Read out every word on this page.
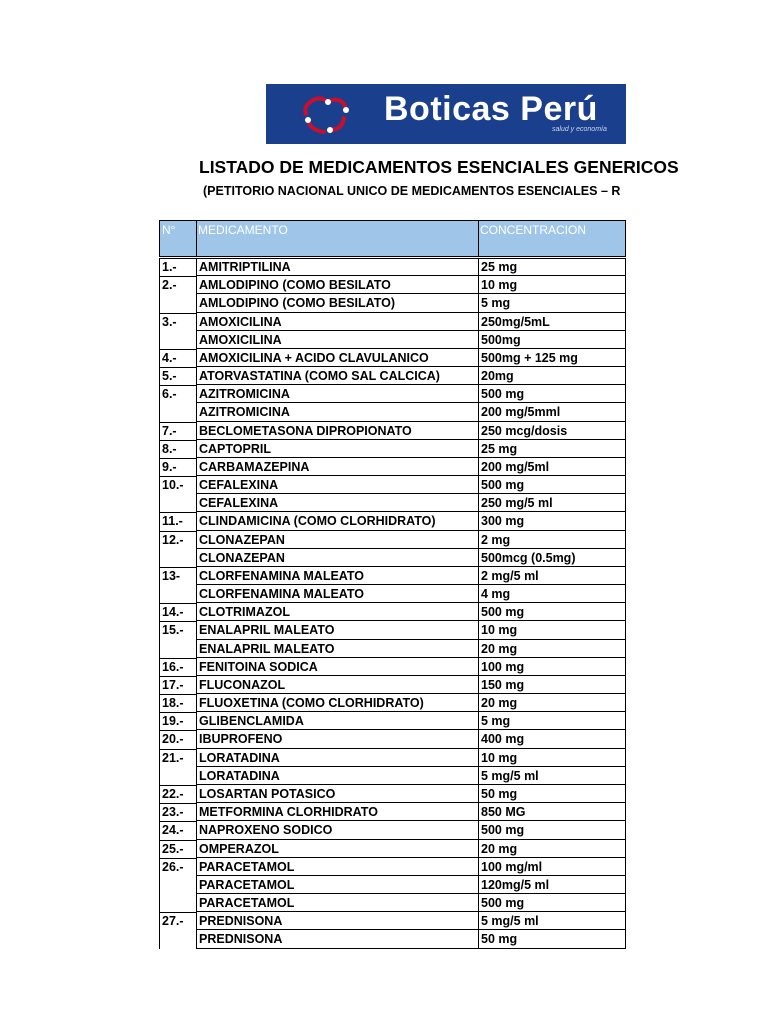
Boticas Perú
salud y economía
LISTADO DE MEDICAMENTOS ESENCIALES GENERICOS
(PETITORIO NACIONAL UNICO DE MEDICAMENTOS ESENCIALES – R
N° MEDICAMENTO	CONCENTRACION
1.- AMITRIPTILINA	25 mg
2.- AMLODIPINO (COMO BESILATO	10 mg
AMLODIPINO (COMO BESILATO)	5 mg
3.- AMOXICILINA	250mg/5mL
AMOXICILINA	500mg
4.- AMOXICILINA + ACIDO CLAVULANICO	500mg + 125 mg
5.- ATORVASTATINA (COMO SAL CALCICA)	20mg
6.- AZITROMICINA	500 mg
AZITROMICINA	200 mg/5mml
7.- BECLOMETASONA DIPROPIONATO	250 mcg/dosis
8.- CAPTOPRIL	25 mg
9.- CARBAMAZEPINA	200 mg/5ml
10.- CEFALEXINA	500 mg
CEFALEXINA	250 mg/5 ml
11.- CLINDAMICINA (COMO CLORHIDRATO)	300 mg
12.- CLONAZEPAN	2 mg
CLONAZEPAN	500mcg (0.5mg)
13- CLORFENAMINA MALEATO	2 mg/5 ml
CLORFENAMINA MALEATO	4 mg
14.- CLOTRIMAZOL	500 mg
15.- ENALAPRIL MALEATO	10 mg
ENALAPRIL MALEATO	20 mg
16.- FENITOINA SODICA	100 mg
17.- FLUCONAZOL	150 mg
18.- FLUOXETINA (COMO CLORHIDRATO)	20 mg
19.- GLIBENCLAMIDA	5 mg
20.- IBUPROFENO	400 mg
21.- LORATADINA	10 mg
LORATADINA	5 mg/5 ml
22.- LOSARTAN POTASICO	50 mg
23.- METFORMINA CLORHIDRATO	850 MG
24.- NAPROXENO SODICO	500 mg
25.- OMPERAZOL	20 mg
26.- PARACETAMOL	100 mg/ml
PARACETAMOL	120mg/5 ml
PARACETAMOL	500 mg
27.- PREDNISONA	5 mg/5 ml
PREDNISONA	50 mg
